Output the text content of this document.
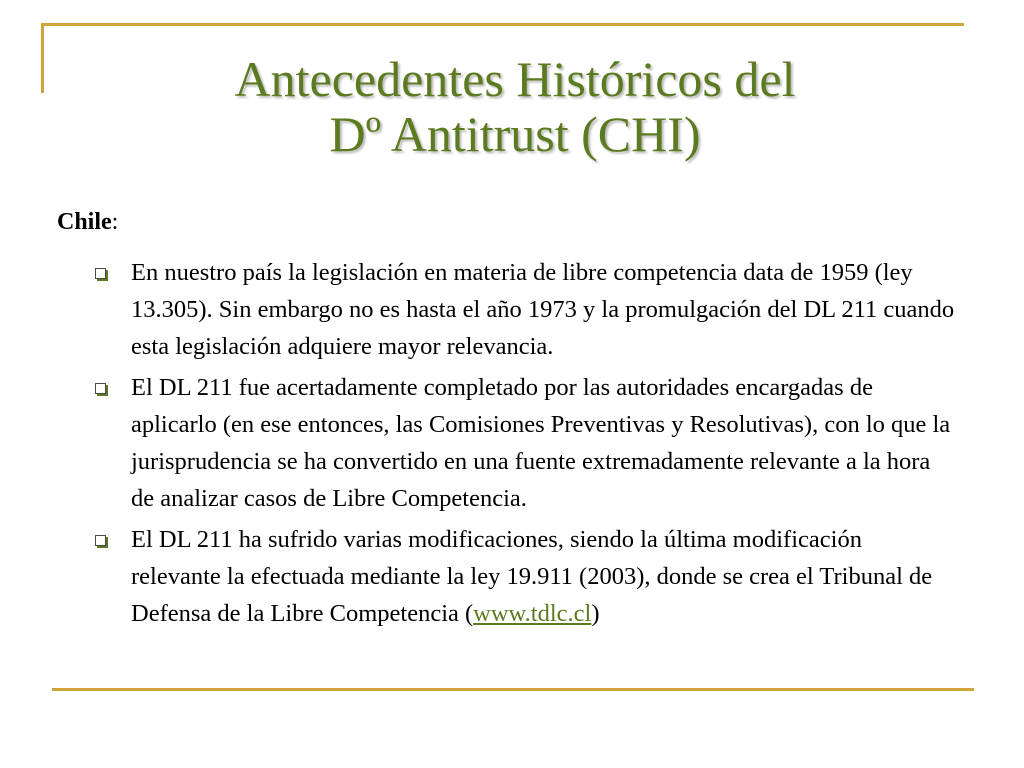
Antecedentes Históricos del
Dº Antitrust (CHI)
Chile:
En nuestro país la legislación en materia de libre competencia data de 1959 (ley 13.305). Sin embargo no es hasta el año 1973 y la promulgación del DL 211 cuando esta legislación adquiere mayor relevancia.
El DL 211 fue acertadamente completado por las autoridades encargadas de aplicarlo (en ese entonces, las Comisiones Preventivas y Resolutivas), con lo que la jurisprudencia se ha convertido en una fuente extremadamente relevante a la hora de analizar casos de Libre Competencia.
El DL 211 ha sufrido varias modificaciones, siendo la última modificación relevante la efectuada mediante la ley 19.911 (2003), donde se crea el Tribunal de Defensa de la Libre Competencia (www.tdlc.cl)
